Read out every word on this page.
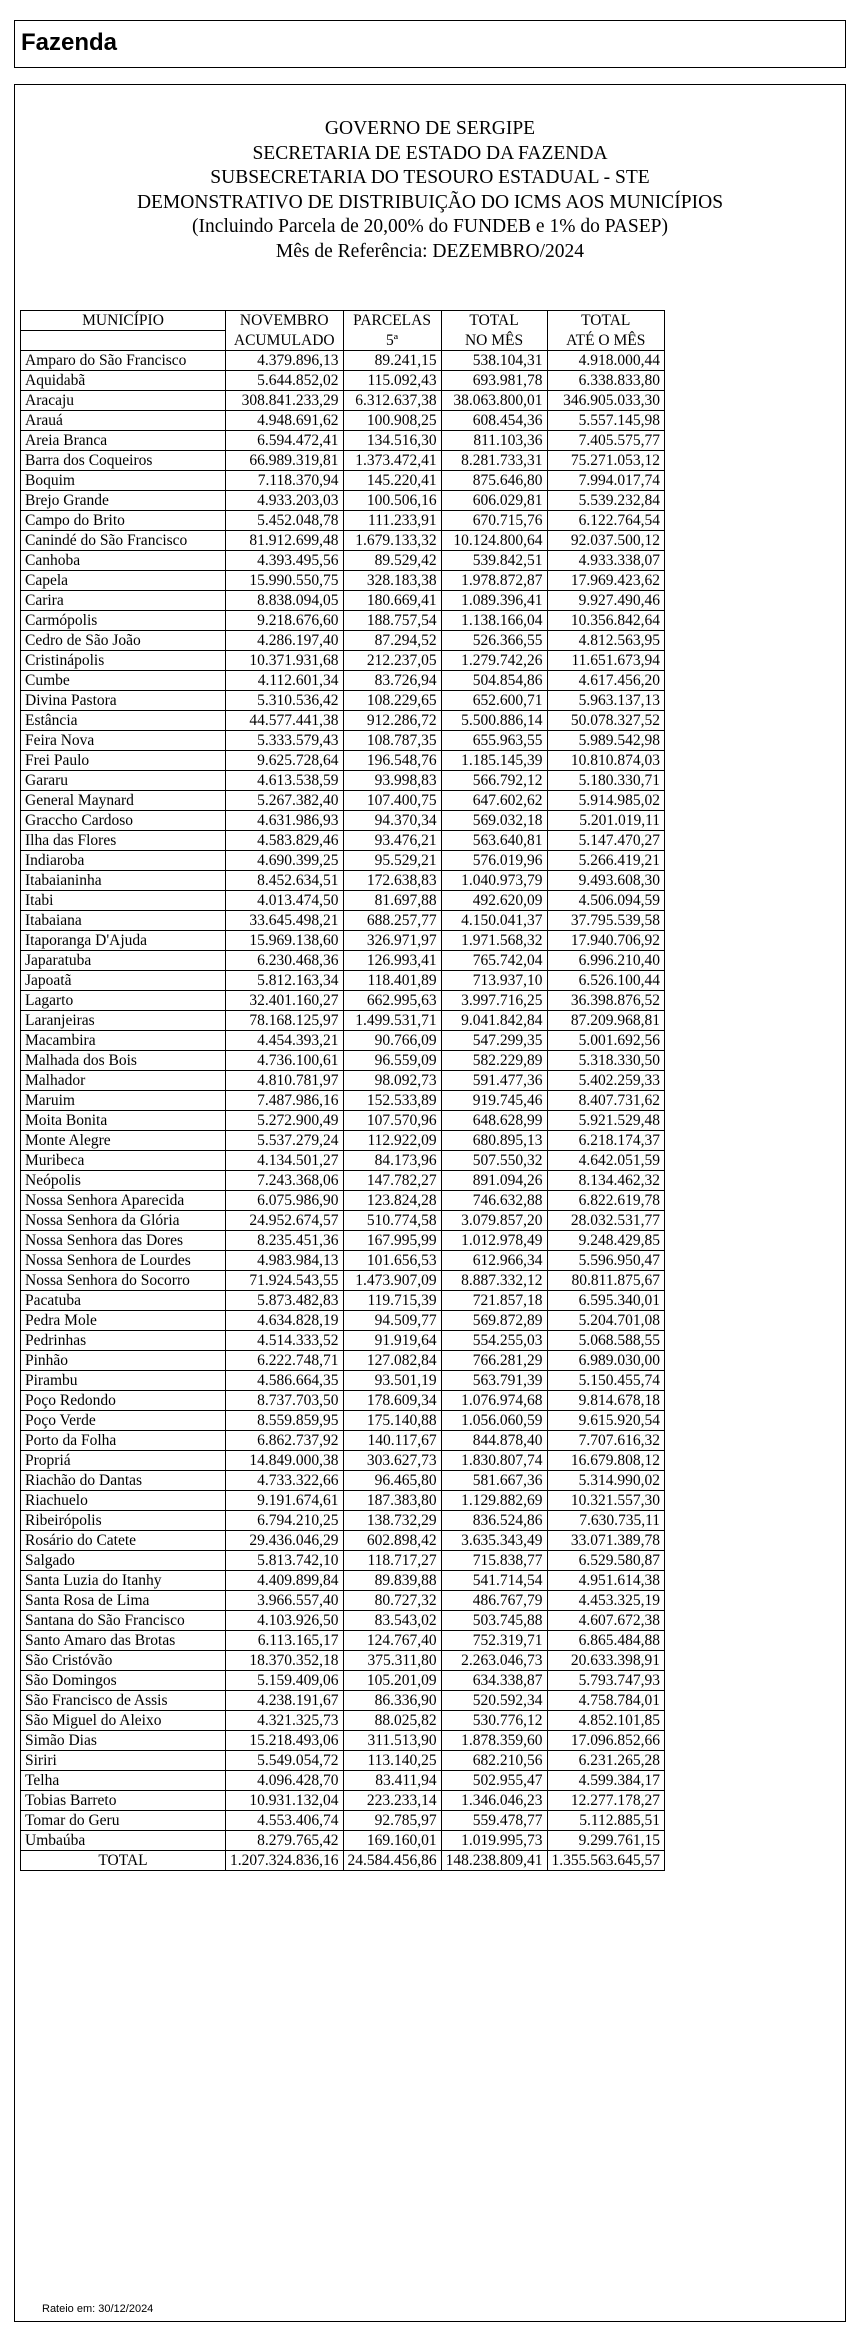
Fazenda
GOVERNO DE SERGIPE
SECRETARIA DE ESTADO DA FAZENDA
SUBSECRETARIA DO TESOURO ESTADUAL - STE
DEMONSTRATIVO DE DISTRIBUIÇÃO DO ICMS AOS MUNICÍPIOS
(Incluindo Parcela de 20,00% do FUNDEB e 1% do PASEP)
Mês de Referência: DEZEMBRO/2024
MUNICÍPIO	NOVEMBRO	PARCELAS	TOTAL	TOTAL
	ACUMULADO	5ª	NO MÊS	ATÉ O MÊS
Amparo do São Francisco	4.379.896,13	89.241,15	538.104,31	4.918.000,44
Aquidabã	5.644.852,02	115.092,43	693.981,78	6.338.833,80
Aracaju	308.841.233,29	6.312.637,38	38.063.800,01	346.905.033,30
Arauá	4.948.691,62	100.908,25	608.454,36	5.557.145,98
Areia Branca	6.594.472,41	134.516,30	811.103,36	7.405.575,77
Barra dos Coqueiros	66.989.319,81	1.373.472,41	8.281.733,31	75.271.053,12
Boquim	7.118.370,94	145.220,41	875.646,80	7.994.017,74
Brejo Grande	4.933.203,03	100.506,16	606.029,81	5.539.232,84
Campo do Brito	5.452.048,78	111.233,91	670.715,76	6.122.764,54
Canindé do São Francisco	81.912.699,48	1.679.133,32	10.124.800,64	92.037.500,12
Canhoba	4.393.495,56	89.529,42	539.842,51	4.933.338,07
Capela	15.990.550,75	328.183,38	1.978.872,87	17.969.423,62
Carira	8.838.094,05	180.669,41	1.089.396,41	9.927.490,46
Carmópolis	9.218.676,60	188.757,54	1.138.166,04	10.356.842,64
Cedro de São João	4.286.197,40	87.294,52	526.366,55	4.812.563,95
Cristinápolis	10.371.931,68	212.237,05	1.279.742,26	11.651.673,94
Cumbe	4.112.601,34	83.726,94	504.854,86	4.617.456,20
Divina Pastora	5.310.536,42	108.229,65	652.600,71	5.963.137,13
Estância	44.577.441,38	912.286,72	5.500.886,14	50.078.327,52
Feira Nova	5.333.579,43	108.787,35	655.963,55	5.989.542,98
Frei Paulo	9.625.728,64	196.548,76	1.185.145,39	10.810.874,03
Gararu	4.613.538,59	93.998,83	566.792,12	5.180.330,71
General Maynard	5.267.382,40	107.400,75	647.602,62	5.914.985,02
Graccho Cardoso	4.631.986,93	94.370,34	569.032,18	5.201.019,11
Ilha das Flores	4.583.829,46	93.476,21	563.640,81	5.147.470,27
Indiaroba	4.690.399,25	95.529,21	576.019,96	5.266.419,21
Itabaianinha	8.452.634,51	172.638,83	1.040.973,79	9.493.608,30
Itabi	4.013.474,50	81.697,88	492.620,09	4.506.094,59
Itabaiana	33.645.498,21	688.257,77	4.150.041,37	37.795.539,58
Itaporanga D'Ajuda	15.969.138,60	326.971,97	1.971.568,32	17.940.706,92
Japaratuba	6.230.468,36	126.993,41	765.742,04	6.996.210,40
Japoatã	5.812.163,34	118.401,89	713.937,10	6.526.100,44
Lagarto	32.401.160,27	662.995,63	3.997.716,25	36.398.876,52
Laranjeiras	78.168.125,97	1.499.531,71	9.041.842,84	87.209.968,81
Macambira	4.454.393,21	90.766,09	547.299,35	5.001.692,56
Malhada dos Bois	4.736.100,61	96.559,09	582.229,89	5.318.330,50
Malhador	4.810.781,97	98.092,73	591.477,36	5.402.259,33
Maruim	7.487.986,16	152.533,89	919.745,46	8.407.731,62
Moita Bonita	5.272.900,49	107.570,96	648.628,99	5.921.529,48
Monte Alegre	5.537.279,24	112.922,09	680.895,13	6.218.174,37
Muribeca	4.134.501,27	84.173,96	507.550,32	4.642.051,59
Neópolis	7.243.368,06	147.782,27	891.094,26	8.134.462,32
Nossa Senhora Aparecida	6.075.986,90	123.824,28	746.632,88	6.822.619,78
Nossa Senhora da Glória	24.952.674,57	510.774,58	3.079.857,20	28.032.531,77
Nossa Senhora das Dores	8.235.451,36	167.995,99	1.012.978,49	9.248.429,85
Nossa Senhora de Lourdes	4.983.984,13	101.656,53	612.966,34	5.596.950,47
Nossa Senhora do Socorro	71.924.543,55	1.473.907,09	8.887.332,12	80.811.875,67
Pacatuba	5.873.482,83	119.715,39	721.857,18	6.595.340,01
Pedra Mole	4.634.828,19	94.509,77	569.872,89	5.204.701,08
Pedrinhas	4.514.333,52	91.919,64	554.255,03	5.068.588,55
Pinhão	6.222.748,71	127.082,84	766.281,29	6.989.030,00
Pirambu	4.586.664,35	93.501,19	563.791,39	5.150.455,74
Poço Redondo	8.737.703,50	178.609,34	1.076.974,68	9.814.678,18
Poço Verde	8.559.859,95	175.140,88	1.056.060,59	9.615.920,54
Porto da Folha	6.862.737,92	140.117,67	844.878,40	7.707.616,32
Propriá	14.849.000,38	303.627,73	1.830.807,74	16.679.808,12
Riachão do Dantas	4.733.322,66	96.465,80	581.667,36	5.314.990,02
Riachuelo	9.191.674,61	187.383,80	1.129.882,69	10.321.557,30
Ribeirópolis	6.794.210,25	138.732,29	836.524,86	7.630.735,11
Rosário do Catete	29.436.046,29	602.898,42	3.635.343,49	33.071.389,78
Salgado	5.813.742,10	118.717,27	715.838,77	6.529.580,87
Santa Luzia do Itanhy	4.409.899,84	89.839,88	541.714,54	4.951.614,38
Santa Rosa de Lima	3.966.557,40	80.727,32	486.767,79	4.453.325,19
Santana do São Francisco	4.103.926,50	83.543,02	503.745,88	4.607.672,38
Santo Amaro das Brotas	6.113.165,17	124.767,40	752.319,71	6.865.484,88
São Cristóvão	18.370.352,18	375.311,80	2.263.046,73	20.633.398,91
São Domingos	5.159.409,06	105.201,09	634.338,87	5.793.747,93
São Francisco de Assis	4.238.191,67	86.336,90	520.592,34	4.758.784,01
São Miguel do Aleixo	4.321.325,73	88.025,82	530.776,12	4.852.101,85
Simão Dias	15.218.493,06	311.513,90	1.878.359,60	17.096.852,66
Siriri	5.549.054,72	113.140,25	682.210,56	6.231.265,28
Telha	4.096.428,70	83.411,94	502.955,47	4.599.384,17
Tobias Barreto	10.931.132,04	223.233,14	1.346.046,23	12.277.178,27
Tomar do Geru	4.553.406,74	92.785,97	559.478,77	5.112.885,51
Umbaúba	8.279.765,42	169.160,01	1.019.995,73	9.299.761,15
TOTAL	1.207.324.836,16	24.584.456,86	148.238.809,41	1.355.563.645,57
Rateio em: 30/12/2024
